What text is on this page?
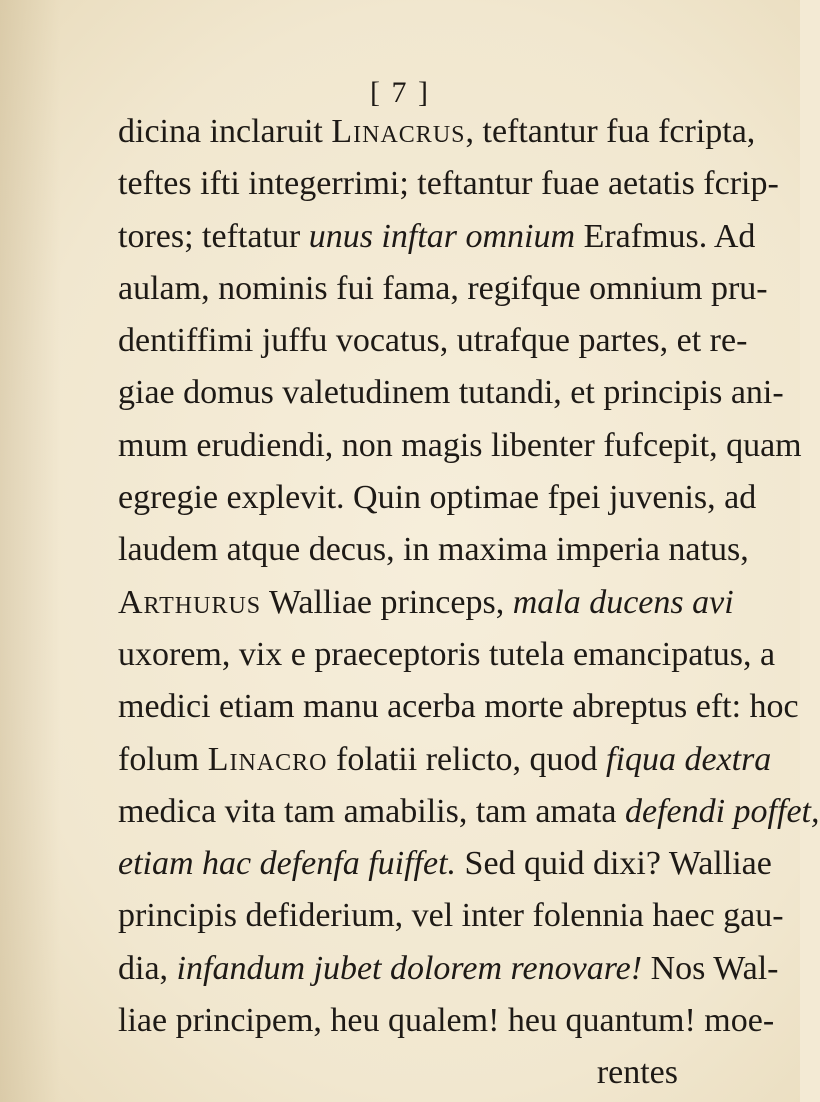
[ 7 ]
dicina inclaruit Linacrus, teftantur fua fcripta,
teftes ifti integerrimi; teftantur fuae aetatis fcrip-
tores; teftatur unus inftar omnium Erafmus. Ad
aulam, nominis fui fama, regifque omnium pru-
dentiffimi juffu vocatus, utrafque partes, et re-
giae domus valetudinem tutandi, et principis ani-
mum erudiendi, non magis libenter fufcepit, quam
egregie explevit. Quin optimae fpei juvenis, ad
laudem atque decus, in maxima imperia natus,
Arthurus Walliae princeps, mala ducens avi
uxorem, vix e praeceptoris tutela emancipatus, a
medici etiam manu acerba morte abreptus eft: hoc
folum Linacro folatii relicto, quod fiqua dextra
medica vita tam amabilis, tam amata defendi poffet,
etiam hac defenfa fuiffet. Sed quid dixi? Walliae
principis defiderium, vel inter folennia haec gau-
dia, infandum jubet dolorem renovare! Nos Wal-
liae principem, heu qualem! heu quantum! moe-
rentes
